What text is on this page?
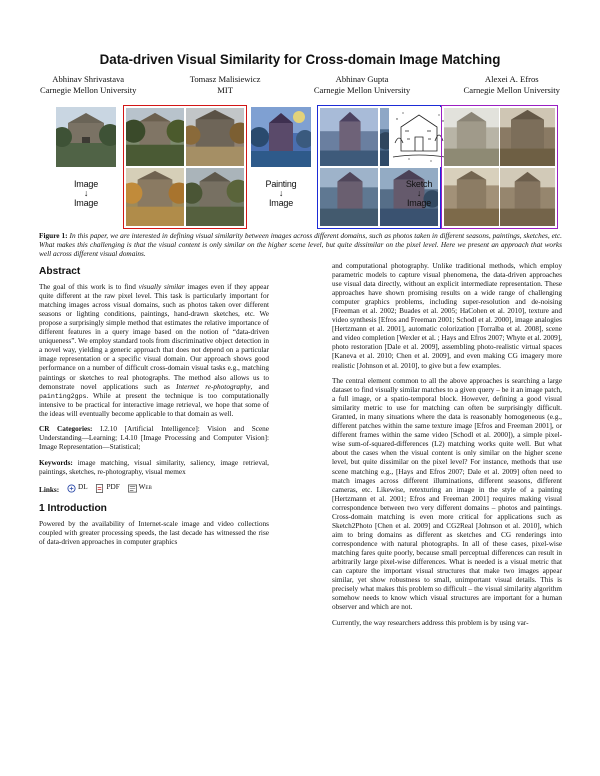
Data-driven Visual Similarity for Cross-domain Image Matching
Abhinav Shrivastava
Carnegie Mellon University
Tomasz Malisiewicz
MIT
Abhinav Gupta
Carnegie Mellon University
Alexei A. Efros
Carnegie Mellon University
Image
↓
Image
Painting
↓
Image
Sketch
↓
Image
Figure 1: In this paper, we are interested in defining visual similarity between images across different domains, such as photos taken in different seasons, paintings, sketches, etc. What makes this challenging is that the visual content is only similar on the higher scene level, but quite dissimilar on the pixel level. Here we present an approach that works well across different visual domains.
Abstract

The goal of this work is to find visually similar images even if they appear quite different at the raw pixel level. This task is particularly important for matching images across visual domains, such as photos taken over different seasons or lighting conditions, paintings, hand-drawn sketches, etc. We propose a surprisingly simple method that estimates the relative importance of different features in a query image based on the notion of “data-driven uniqueness”. We employ standard tools from discriminative object detection in a novel way, yielding a generic approach that does not depend on a particular image representation or a specific visual domain. Our approach shows good performance on a number of difficult cross-domain visual tasks e.g., matching paintings or sketches to real photographs. The method also allows us to demonstrate novel applications such as Internet re-photography, and painting2gps. While at present the technique is too computationally intensive to be practical for interactive image retrieval, we hope that some of the ideas will eventually become applicable to that domain as well.

CR Categories: I.2.10 [Artificial Intelligence]: Vision and Scene Understanding—Learning; I.4.10 [Image Processing and Computer Vision]: Image Representation—Statistical;

Keywords: image matching, visual similarity, saliency, image retrieval, paintings, sketches, re-photography, visual memex

Links:	DL
	PDF
	Web
1 Introduction

Powered by the availability of Internet-scale image and video collections coupled with greater processing speeds, the last decade has witnessed the rise of data-driven approaches in computer graphics

and computational photography. Unlike traditional methods, which employ parametric models to capture visual phenomena, the data-driven approaches use visual data directly, without an explicit intermediate representation. These approaches have shown promising results on a wide range of challenging computer graphics problems, including super-resolution and de-noising [Freeman et al. 2002; Buades et al. 2005; HaCohen et al. 2010], texture and video synthesis [Efros and Freeman 2001; Schodl et al. 2000], image analogies [Hertzmann et al. 2001], automatic colorization [Torralba et al. 2008], scene and video completion [Wexler et al. ; Hays and Efros 2007; Whyte et al. 2009], photo restoration [Dale et al. 2009], assembling photo-realistic virtual spaces [Kaneva et al. 2010; Chen et al. 2009], and even making CG imagery more realistic [Johnson et al. 2010], to give but a few examples.

The central element common to all the above approaches is searching a large dataset to find visually similar matches to a given query – be it an image patch, a full image, or a spatio-temporal block. However, defining a good visual similarity metric to use for matching can often be surprisingly difficult. Granted, in many situations where the data is reasonably homogeneous (e.g., different patches within the same texture image [Efros and Freeman 2001], or different frames within the same video [Schodl et al. 2000]), a simple pixel-wise sum-of-squared-differences (L2) matching works quite well. But what about the cases when the visual content is only similar on the higher scene level, but quite dissimilar on the pixel level? For instance, methods that use scene matching e.g., [Hays and Efros 2007; Dale et al. 2009] often need to match images across different illuminations, different seasons, different cameras, etc. Likewise, retexturing an image in the style of a painting [Hertzmann et al. 2001; Efros and Freeman 2001] requires making visual correspondence between two very different domains – photos and paintings. Cross-domain matching is even more critical for applications such as Sketch2Photo [Chen et al. 2009] and CG2Real [Johnson et al. 2010], which aim to bring domains as different as sketches and CG renderings into correspondence with natural photographs. In all of these cases, pixel-wise matching fares quite poorly, because small perceptual differences can result in arbitrarily large pixel-wise differences. What is needed is a visual metric that can capture the important visual structures that make two images appear similar, yet show robustness to small, unimportant visual details. This is precisely what makes this problem so difficult – the visual similarity algorithm somehow needs to know which visual structures are important for a human observer and which are not.

Currently, the way researchers address this problem is by using var-
